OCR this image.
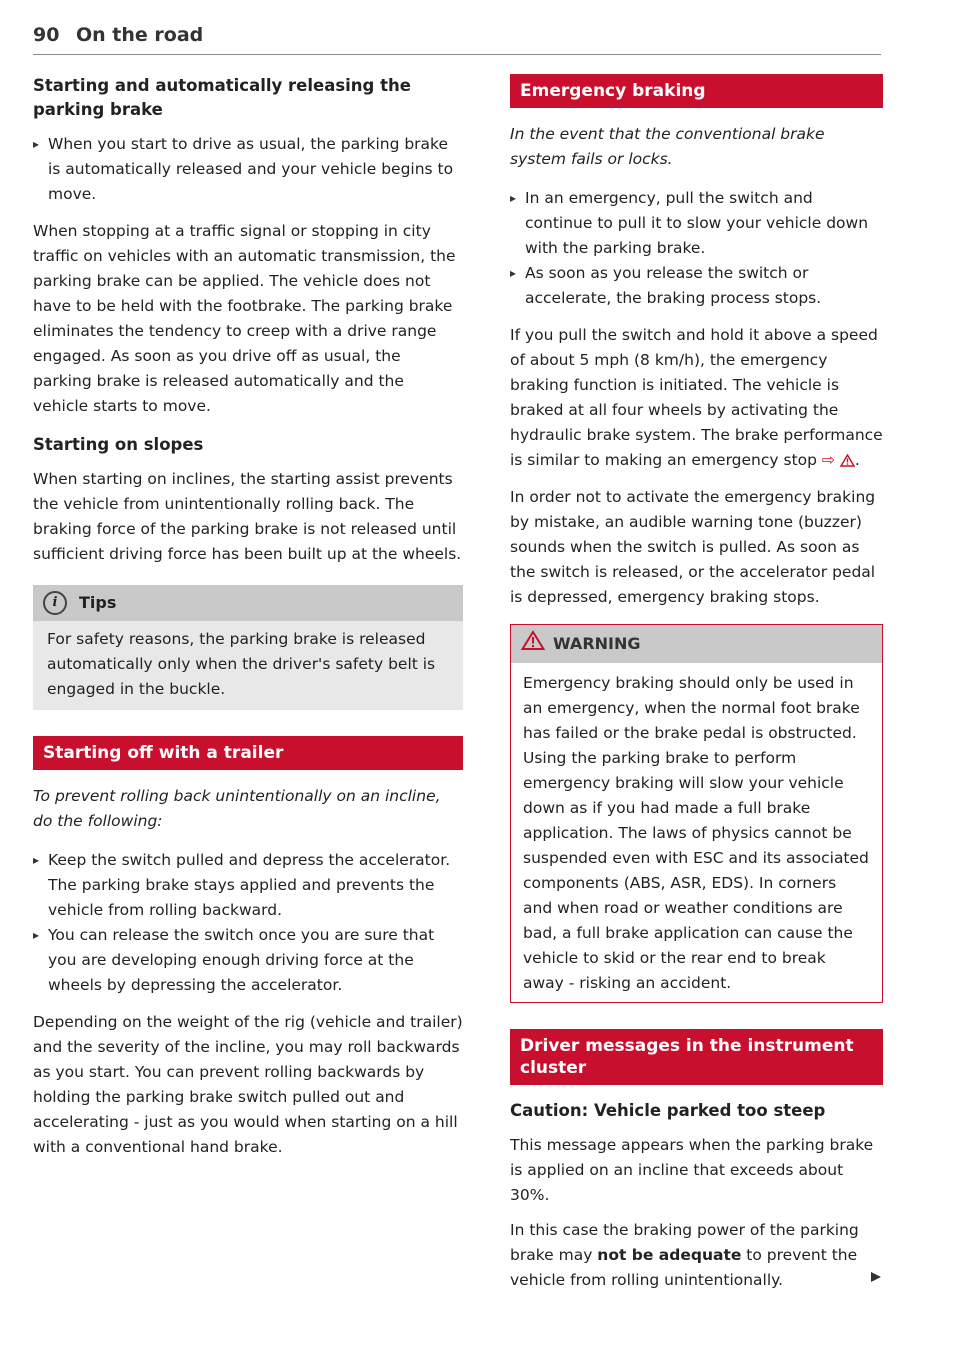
90 On the road
Starting and automatically releasing the parking brake
▸ When you start to drive as usual, the parking brake is automatically released and your vehicle begins to move.

When stopping at a traffic signal or stopping in city traffic on vehicles with an automatic transmission, the parking brake can be applied. The vehicle does not have to be held with the footbrake. The parking brake eliminates the tendency to creep with a drive range engaged. As soon as you drive off as usual, the parking brake is released automatically and the vehicle starts to move.

Starting on slopes

When starting on inclines, the starting assist prevents the vehicle from unintentionally rolling back. The braking force of the parking brake is not released until sufficient driving force has been built up at the wheels.

i	Tips
For safety reasons, the parking brake is released automatically only when the driver's safety belt is engaged in the buckle.
Starting off with a trailer

To prevent rolling back unintentionally on an incline, do the following:

▸ Keep the switch pulled and depress the accelerator. The parking brake stays applied and prevents the vehicle from rolling backward.
▸ You can release the switch once you are sure that you are developing enough driving force at the wheels by depressing the accelerator.

Depending on the weight of the rig (vehicle and trailer) and the severity of the incline, you may roll backwards as you start. You can prevent rolling backwards by holding the parking brake switch pulled out and accelerating - just as you would when starting on a hill with a conventional hand brake.

Emergency braking

In the event that the conventional brake system fails or locks.

▸ In an emergency, pull the switch and continue to pull it to slow your vehicle down with the parking brake.
▸ As soon as you release the switch or accelerate, the braking process stops.

If you pull the switch and hold it above a speed of about 5 mph (8 km/h), the emergency braking function is initiated. The vehicle is braked at all four wheels by activating the hydraulic brake system. The brake performance is similar to making an emergency stop ⇨ .

In order not to activate the emergency braking by mistake, an audible warning tone (buzzer) sounds when the switch is pulled. As soon as the switch is released, or the accelerator pedal is depressed, emergency braking stops.

WARNING
Emergency braking should only be used in an emergency, when the normal foot brake has failed or the brake pedal is obstructed. Using the parking brake to perform emergency braking will slow your vehicle down as if you had made a full brake application. The laws of physics cannot be suspended even with ESC and its associated components (ABS, ASR, EDS). In corners and when road or weather conditions are bad, a full brake application can cause the vehicle to skid or the rear end to break away - risking an accident.
Driver messages in the instrument cluster
Caution: Vehicle parked too steep

This message appears when the parking brake is applied on an incline that exceeds about 30%.

In this case the braking power of the parking brake may not be adequate to prevent the vehicle from rolling unintentionally.
